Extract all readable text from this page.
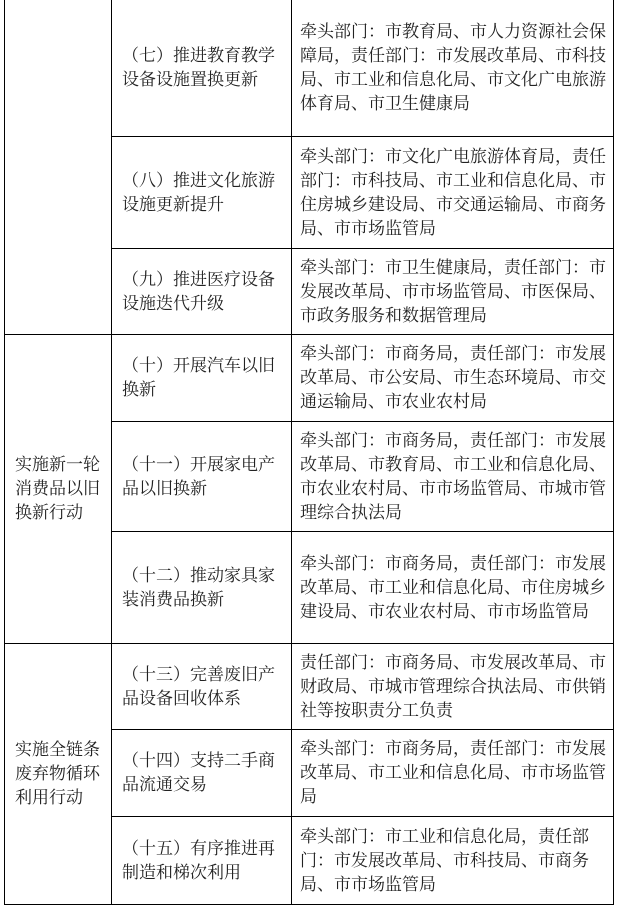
实施新一轮消费品以旧换新行动
实施全链条废弃物循环利用行动
（七）推进教育教学设备设施置换更新
牵头部门：市教育局、市人力资源社会保障局，责任部门：市发展改革局、市科技局、市工业和信息化局、市文化广电旅游体育局、市卫生健康局
（八）推进文化旅游设施更新提升
牵头部门：市文化广电旅游体育局，责任部门：市科技局、市工业和信息化局、市住房城乡建设局、市交通运输局、市商务局、市市场监管局
（九）推进医疗设备设施迭代升级
牵头部门：市卫生健康局，责任部门：市发展改革局、市市场监管局、市医保局、市政务服务和数据管理局
（十）开展汽车以旧换新
牵头部门：市商务局，责任部门：市发展改革局、市公安局、市生态环境局、市交通运输局、市农业农村局
（十一）开展家电产品以旧换新
牵头部门：市商务局，责任部门：市发展改革局、市教育局、市工业和信息化局、市农业农村局、市市场监管局、市城市管理综合执法局
（十二）推动家具家装消费品换新
牵头部门：市商务局，责任部门：市发展改革局、市工业和信息化局、市住房城乡建设局、市农业农村局、市市场监管局
（十三）完善废旧产品设备回收体系
责任部门：市商务局、市发展改革局、市财政局、市城市管理综合执法局、市供销社等按职责分工负责
（十四）支持二手商品流通交易
牵头部门：市商务局，责任部门：市发展改革局、市工业和信息化局、市市场监管局
（十五）有序推进再制造和梯次利用
牵头部门：市工业和信息化局，责任部门：市发展改革局、市科技局、市商务局、市市场监管局
